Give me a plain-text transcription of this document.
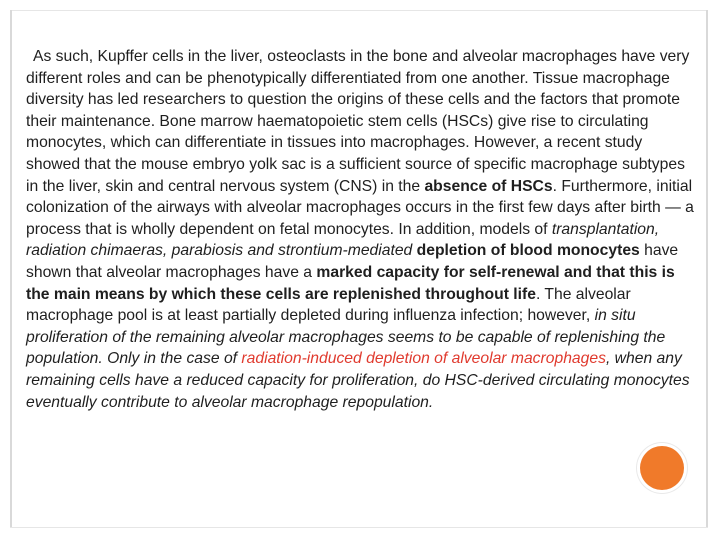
As such, Kupffer cells in the liver, osteoclasts in the bone and alveolar macrophages have very different roles and can be phenotypically differentiated from one another. Tissue macrophage diversity has led researchers to question the origins of these cells and the factors that promote their maintenance. Bone marrow haematopoietic stem cells (HSCs) give rise to circulating monocytes, which can differentiate in tissues into macrophages. However, a recent study showed that the mouse embryo yolk sac is a sufficient source of specific macrophage subtypes in the liver, skin and central nervous system (CNS) in the absence of HSCs. Furthermore, initial colonization of the airways with alveolar macrophages occurs in the first few days after birth — a process that is wholly dependent on fetal monocytes. In addition, models of transplantation, radiation chimaeras, parabiosis and strontium-mediated depletion of blood monocytes have shown that alveolar macrophages have a marked capacity for self-renewal and that this is the main means by which these cells are replenished throughout life. The alveolar macrophage pool is at least partially depleted during influenza infection; however, in situ proliferation of the remaining alveolar macrophages seems to be capable of replenishing the population. Only in the case of radiation-induced depletion of alveolar macrophages, when any remaining cells have a reduced capacity for proliferation, do HSC-derived circulating monocytes eventually contribute to alveolar macrophage repopulation.
